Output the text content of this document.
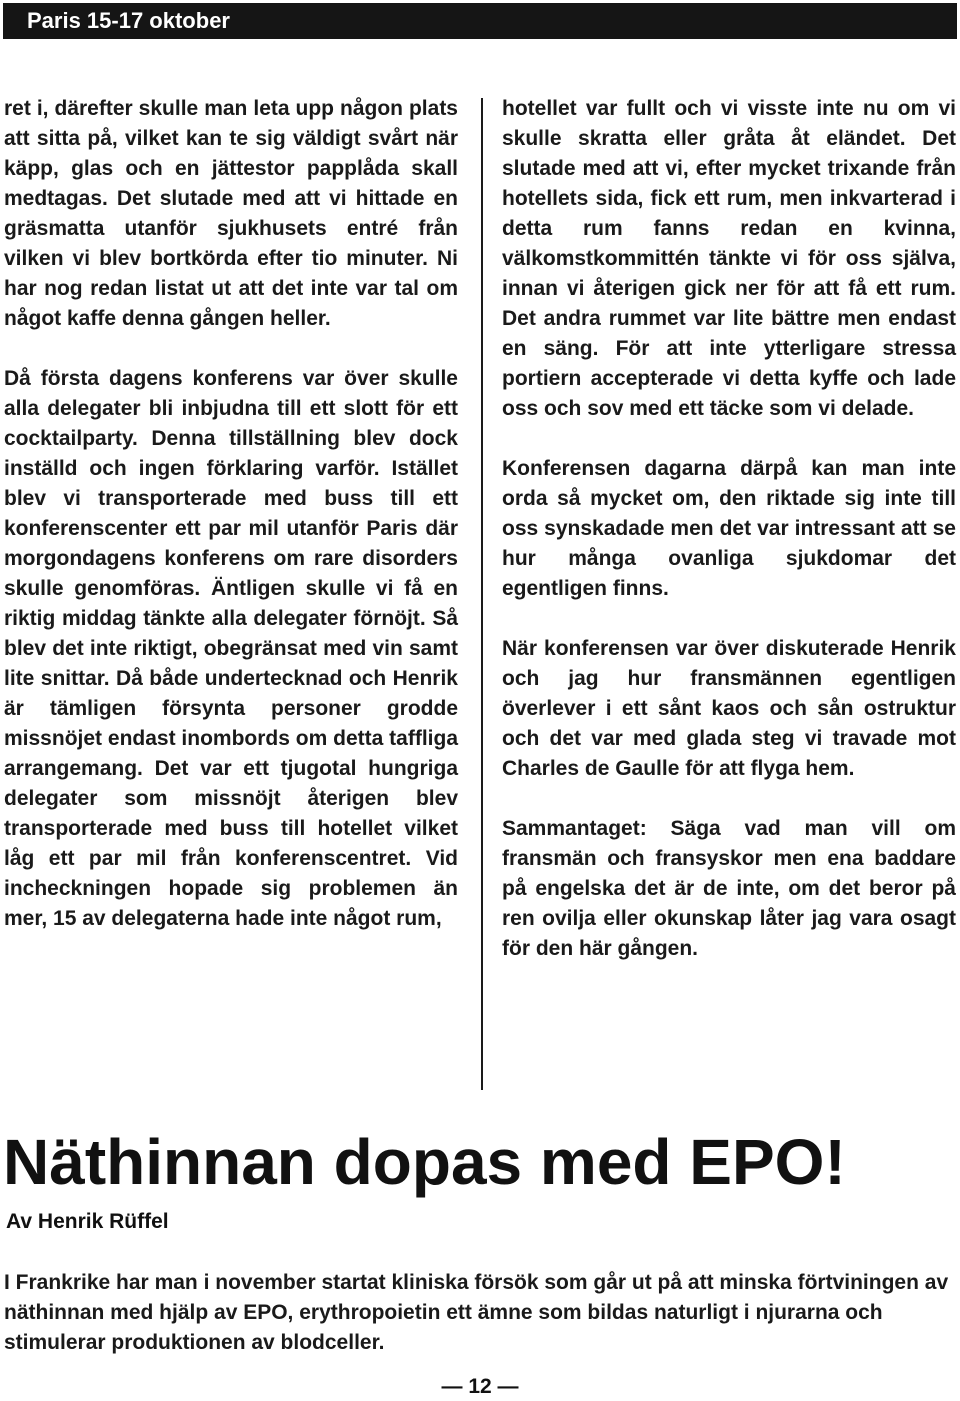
Paris 15-17 oktober

ret i, därefter skulle man leta upp någon plats att sitta på, vilket kan te sig väldigt svårt när käpp, glas och en jättestor papplåda skall medtagas. Det slutade med att vi hittade en gräsmatta utanför sjukhusets entré från vilken vi blev bortkörda efter tio minuter. Ni har nog redan listat ut att det inte var tal om något kaffe denna gången heller.

Då första dagens konferens var över skulle alla delegater bli inbjudna till ett slott för ett cocktailparty. Denna tillställning blev dock inställd och ingen förklaring varför. Istället blev vi transporterade med buss till ett konferenscenter ett par mil utanför Paris där morgondagens konferens om rare disorders skulle genomföras. Äntligen skulle vi få en riktig middag tänkte alla delegater förnöjt. Så blev det inte riktigt, obegränsat med vin samt lite snittar. Då både undertecknad och Henrik är tämligen försynta personer grodde missnöjet endast inombords om detta taffliga arrangemang. Det var ett tjugotal hungriga delegater som missnöjt återigen blev transporterade med buss till hotellet vilket låg ett par mil från konferenscentret. Vid incheckningen hopade sig problemen än mer, 15 av delegaterna hade inte något rum,

hotellet var fullt och vi visste inte nu om vi skulle skratta eller gråta åt eländet. Det slutade med att vi, efter mycket trixande från hotellets sida, fick ett rum, men inkvarterad i detta rum fanns redan en kvinna, välkomstkommittén tänkte vi för oss själva, innan vi återigen gick ner för att få ett rum. Det andra rummet var lite bättre men endast en säng. För att inte ytterligare stressa portiern accepterade vi detta kyffe och lade oss och sov med ett täcke som vi delade.

Konferensen dagarna därpå kan man inte orda så mycket om, den riktade sig inte till oss synskadade men det var intressant att se hur många ovanliga sjukdomar det egentligen finns.

När konferensen var över diskuterade Henrik och jag hur fransmännen egentligen överlever i ett sånt kaos och sån ostruktur och det var med glada steg vi travade mot Charles de Gaulle för att flyga hem.

Sammantaget: Säga vad man vill om fransmän och fransyskor men ena baddare på engelska det är de inte, om det beror på ren ovilja eller okunskap låter jag vara osagt för den här gången.

Näthinnan dopas med EPO!
Av Henrik Rüffel
I Frankrike har man i november startat kliniska försök som går ut på att minska förtviningen av näthinnan med hjälp av EPO, erythropoietin ett ämne som bildas naturligt i njurarna och stimulerar produktionen av blodceller.
— 12 —
